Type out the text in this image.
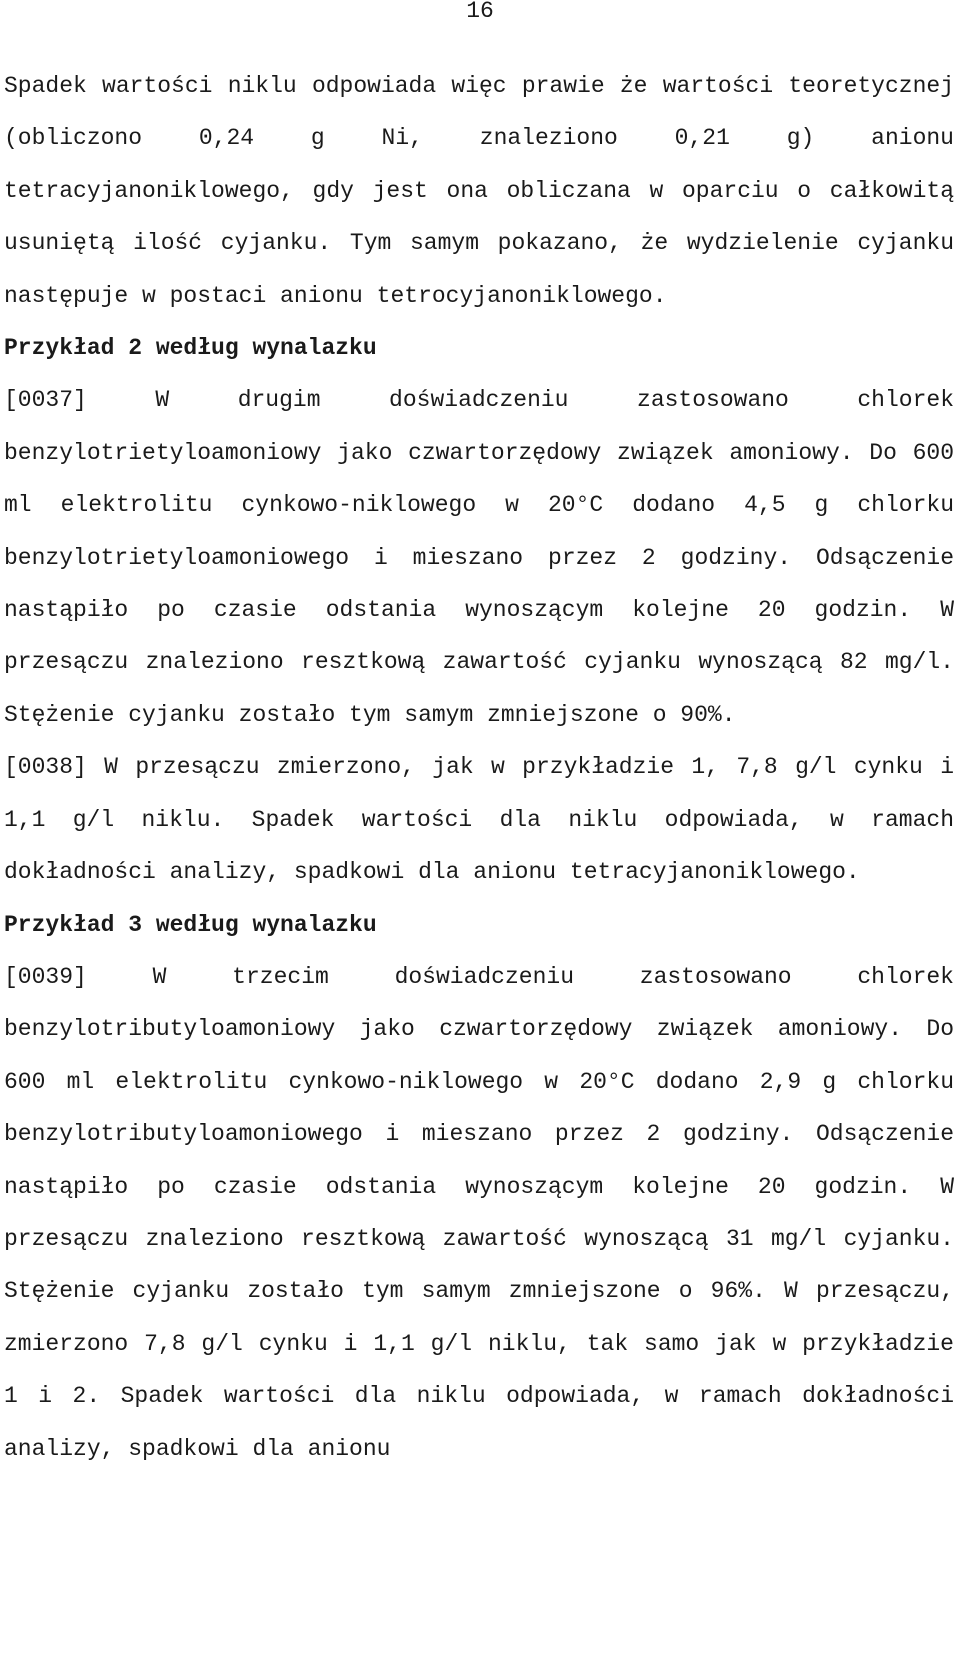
16

Spadek wartości niklu odpowiada więc prawie że wartości teoretycznej (obliczono 0,24 g Ni, znaleziono 0,21 g) anionu tetracyjanoniklowego, gdy jest ona obliczana w oparciu o całkowitą usuniętą ilość cyjanku. Tym samym pokazano, że wydzielenie cyjanku następuje w postaci anionu tetrocyjanoniklowego.

Przykład 2 według wynalazku

[0037] W drugim doświadczeniu zastosowano chlorek benzylotrietyloamoniowy jako czwartorzędowy związek amoniowy. Do 600 ml elektrolitu cynkowo-niklowego w 20°C dodano 4,5 g chlorku benzylotrietyloamoniowego i mieszano przez 2 godziny. Odsączenie nastąpiło po czasie odstania wynoszącym kolejne 20 godzin. W przesączu znaleziono resztkową zawartość cyjanku wynoszącą 82 mg/l. Stężenie cyjanku zostało tym samym zmniejszone o 90%.

[0038] W przesączu zmierzono, jak w przykładzie 1, 7,8 g/l cynku i 1,1 g/l niklu. Spadek wartości dla niklu odpowiada, w ramach dokładności analizy, spadkowi dla anionu tetracyjanoniklowego.

Przykład 3 według wynalazku

[0039] W trzecim doświadczeniu zastosowano chlorek benzylotributyloamoniowy jako czwartorzędowy związek amoniowy. Do 600 ml elektrolitu cynkowo-niklowego w 20°C dodano 2,9 g chlorku benzylotributyloamoniowego i mieszano przez 2 godziny. Odsączenie nastąpiło po czasie odstania wynoszącym kolejne 20 godzin. W przesączu znaleziono resztkową zawartość wynoszącą 31 mg/l cyjanku. Stężenie cyjanku zostało tym samym zmniejszone o 96%. W przesączu, zmierzono 7,8 g/l cynku i 1,1 g/l niklu, tak samo jak w przykładzie 1 i 2. Spadek wartości dla niklu odpowiada, w ramach dokładności analizy, spadkowi dla anionu
